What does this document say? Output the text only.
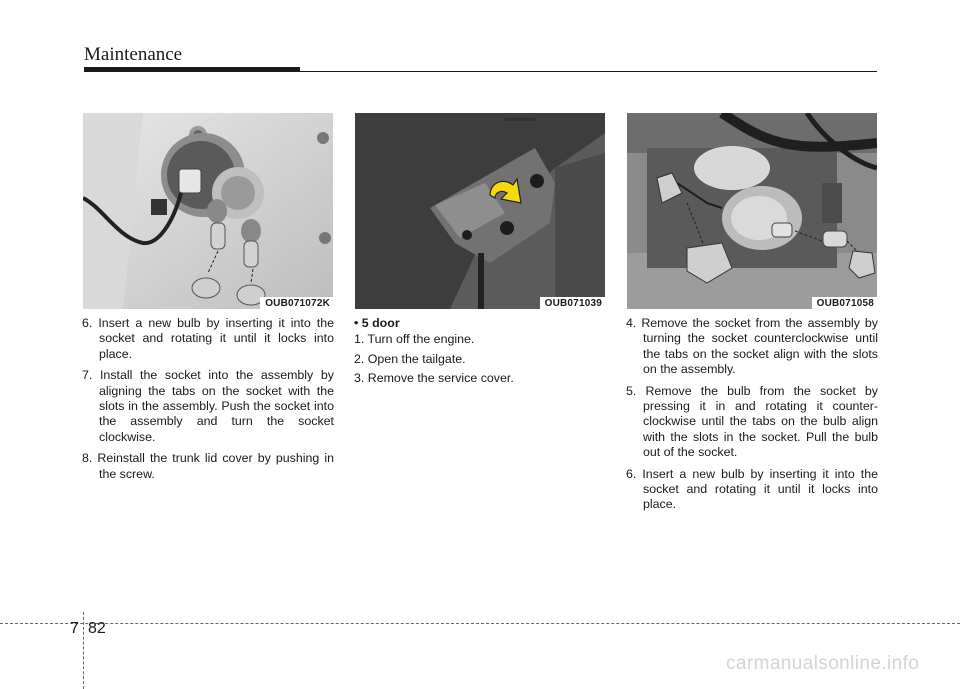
Maintenance
OUB071072K	OUB071039	OUB071058

6. Insert a new bulb by inserting it into the socket and rotating it until it locks into place.

7. Install the socket into the assembly by aligning the tabs on the socket with the slots in the assembly. Push the socket into the assembly and turn the socket clockwise.

8. Reinstall the trunk lid cover by pushing in the screw.

• 5 door

1. Turn off the engine.

2. Open the tailgate.

3. Remove the service cover.

4. Remove the socket from the assembly by turning the socket counterclockwise until the tabs on the socket align with the slots on the assembly.

5. Remove the bulb from the socket by pressing it in and rotating it counter-clockwise until the tabs on the bulb align with the slots in the socket. Pull the bulb out of the socket.

6. Insert a new bulb by inserting it into the socket and rotating it until it locks into place.

7 82
carmanualsonline.info
